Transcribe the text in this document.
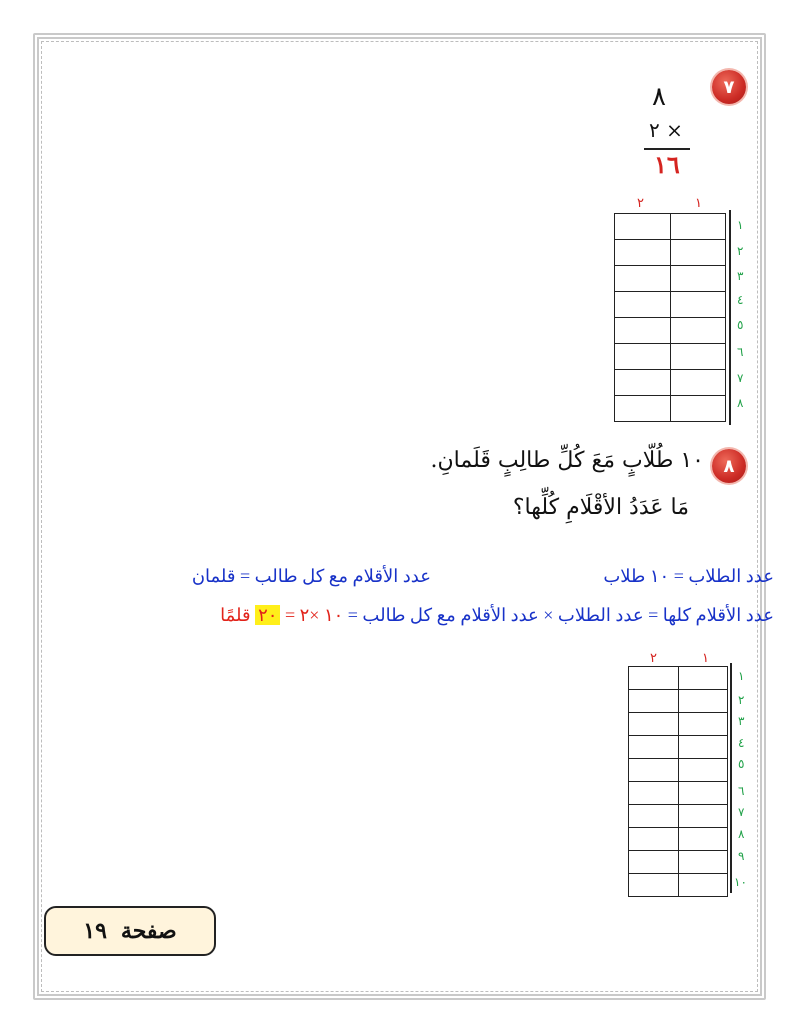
٧
٨
٢ ×
١٦
١
٢

١
٢
٣
٤
٥
٦
٧
٨
٨
١٠ طُلّابٍ مَعَ كُلِّ طالِبٍ قَلَمانِ.
مَا عَدَدُ الأقْلَامِ كُلِّها؟
عدد الطلاب = ١٠ طلاب
عدد الأقلام مع كل طالب = قلمان
عدد الأقلام كلها = عدد الطلاب × عدد الأقلام مع كل طالب = ١٠ ×٢ = ٢٠ قلمًا
١
٢

١
٢
٣
٤
٥
٦
٧
٨
٩
١٠
صفحة
١٩
